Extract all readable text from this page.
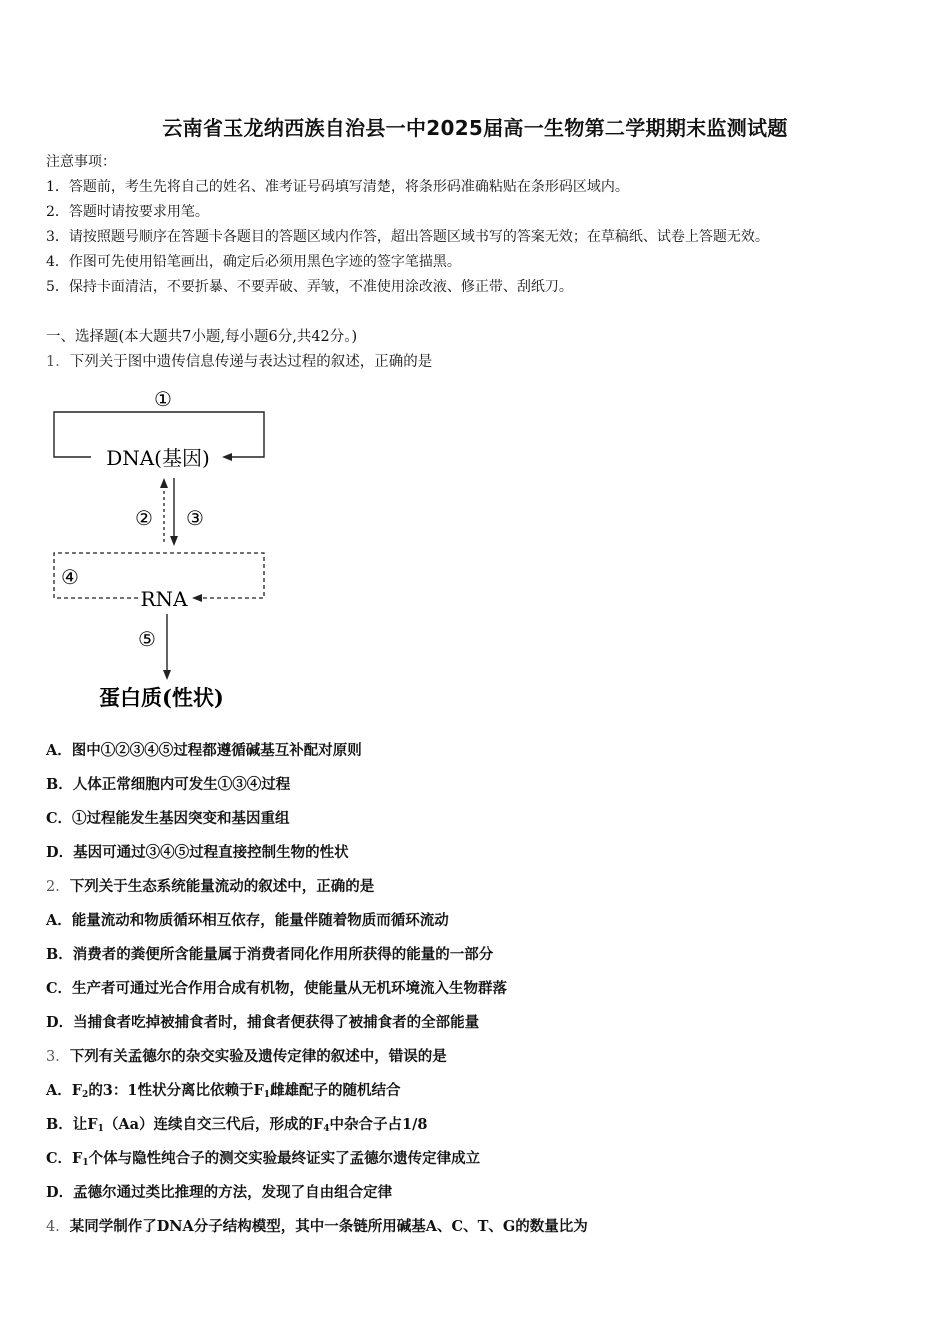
云南省玉龙纳西族自治县一中2025届高一生物第二学期期末监测试题
注意事项：
1．答题前，考生先将自己的姓名、准考证号码填写清楚，将条形码准确粘贴在条形码区域内。
2．答题时请按要求用笔。
3．请按照题号顺序在答题卡各题目的答题区域内作答，超出答题区域书写的答案无效；在草稿纸、试卷上答题无效。
4．作图可先使用铅笔画出，确定后必须用黑色字迹的签字笔描黑。
5．保持卡面清洁，不要折暴、不要弄破、弄皱，不准使用涂改液、修正带、刮纸刀。
一、选择题(本大题共7小题,每小题6分,共42分。)
1．下列关于图中遗传信息传递与表达过程的叙述，正确的是
①
DNA(基因)
② ③
④
RNA
⑤
蛋白质(性状)
A．图中①②③④⑤过程都遵循碱基互补配对原则
B．人体正常细胞内可发生①③④过程
C．①过程能发生基因突变和基因重组
D．基因可通过③④⑤过程直接控制生物的性状
2．下列关于生态系统能量流动的叙述中，正确的是
A．能量流动和物质循环相互依存，能量伴随着物质而循环流动
B．消费者的粪便所含能量属于消费者同化作用所获得的能量的一部分
C．生产者可通过光合作用合成有机物，使能量从无机环境流入生物群落
D．当捕食者吃掉被捕食者时，捕食者便获得了被捕食者的全部能量
3．下列有关孟德尔的杂交实验及遗传定律的叙述中，错误的是
A．$F_2$的3：1性状分离比依赖于$F_1$雌雄配子的随机结合
B．让$F_1(Aa)$连续自交三代后，形成的$F_4$中杂合子占1/8
C．$F_1$个体与隐性纯合子的测交实验最终证实了孟德尔遗传定律成立
D．孟德尔通过类比推理的方法，发现了自由组合定律
4．某同学制作了DNA分子结构模型，其中一条链所用碱基A、C、T、G的数量比为
